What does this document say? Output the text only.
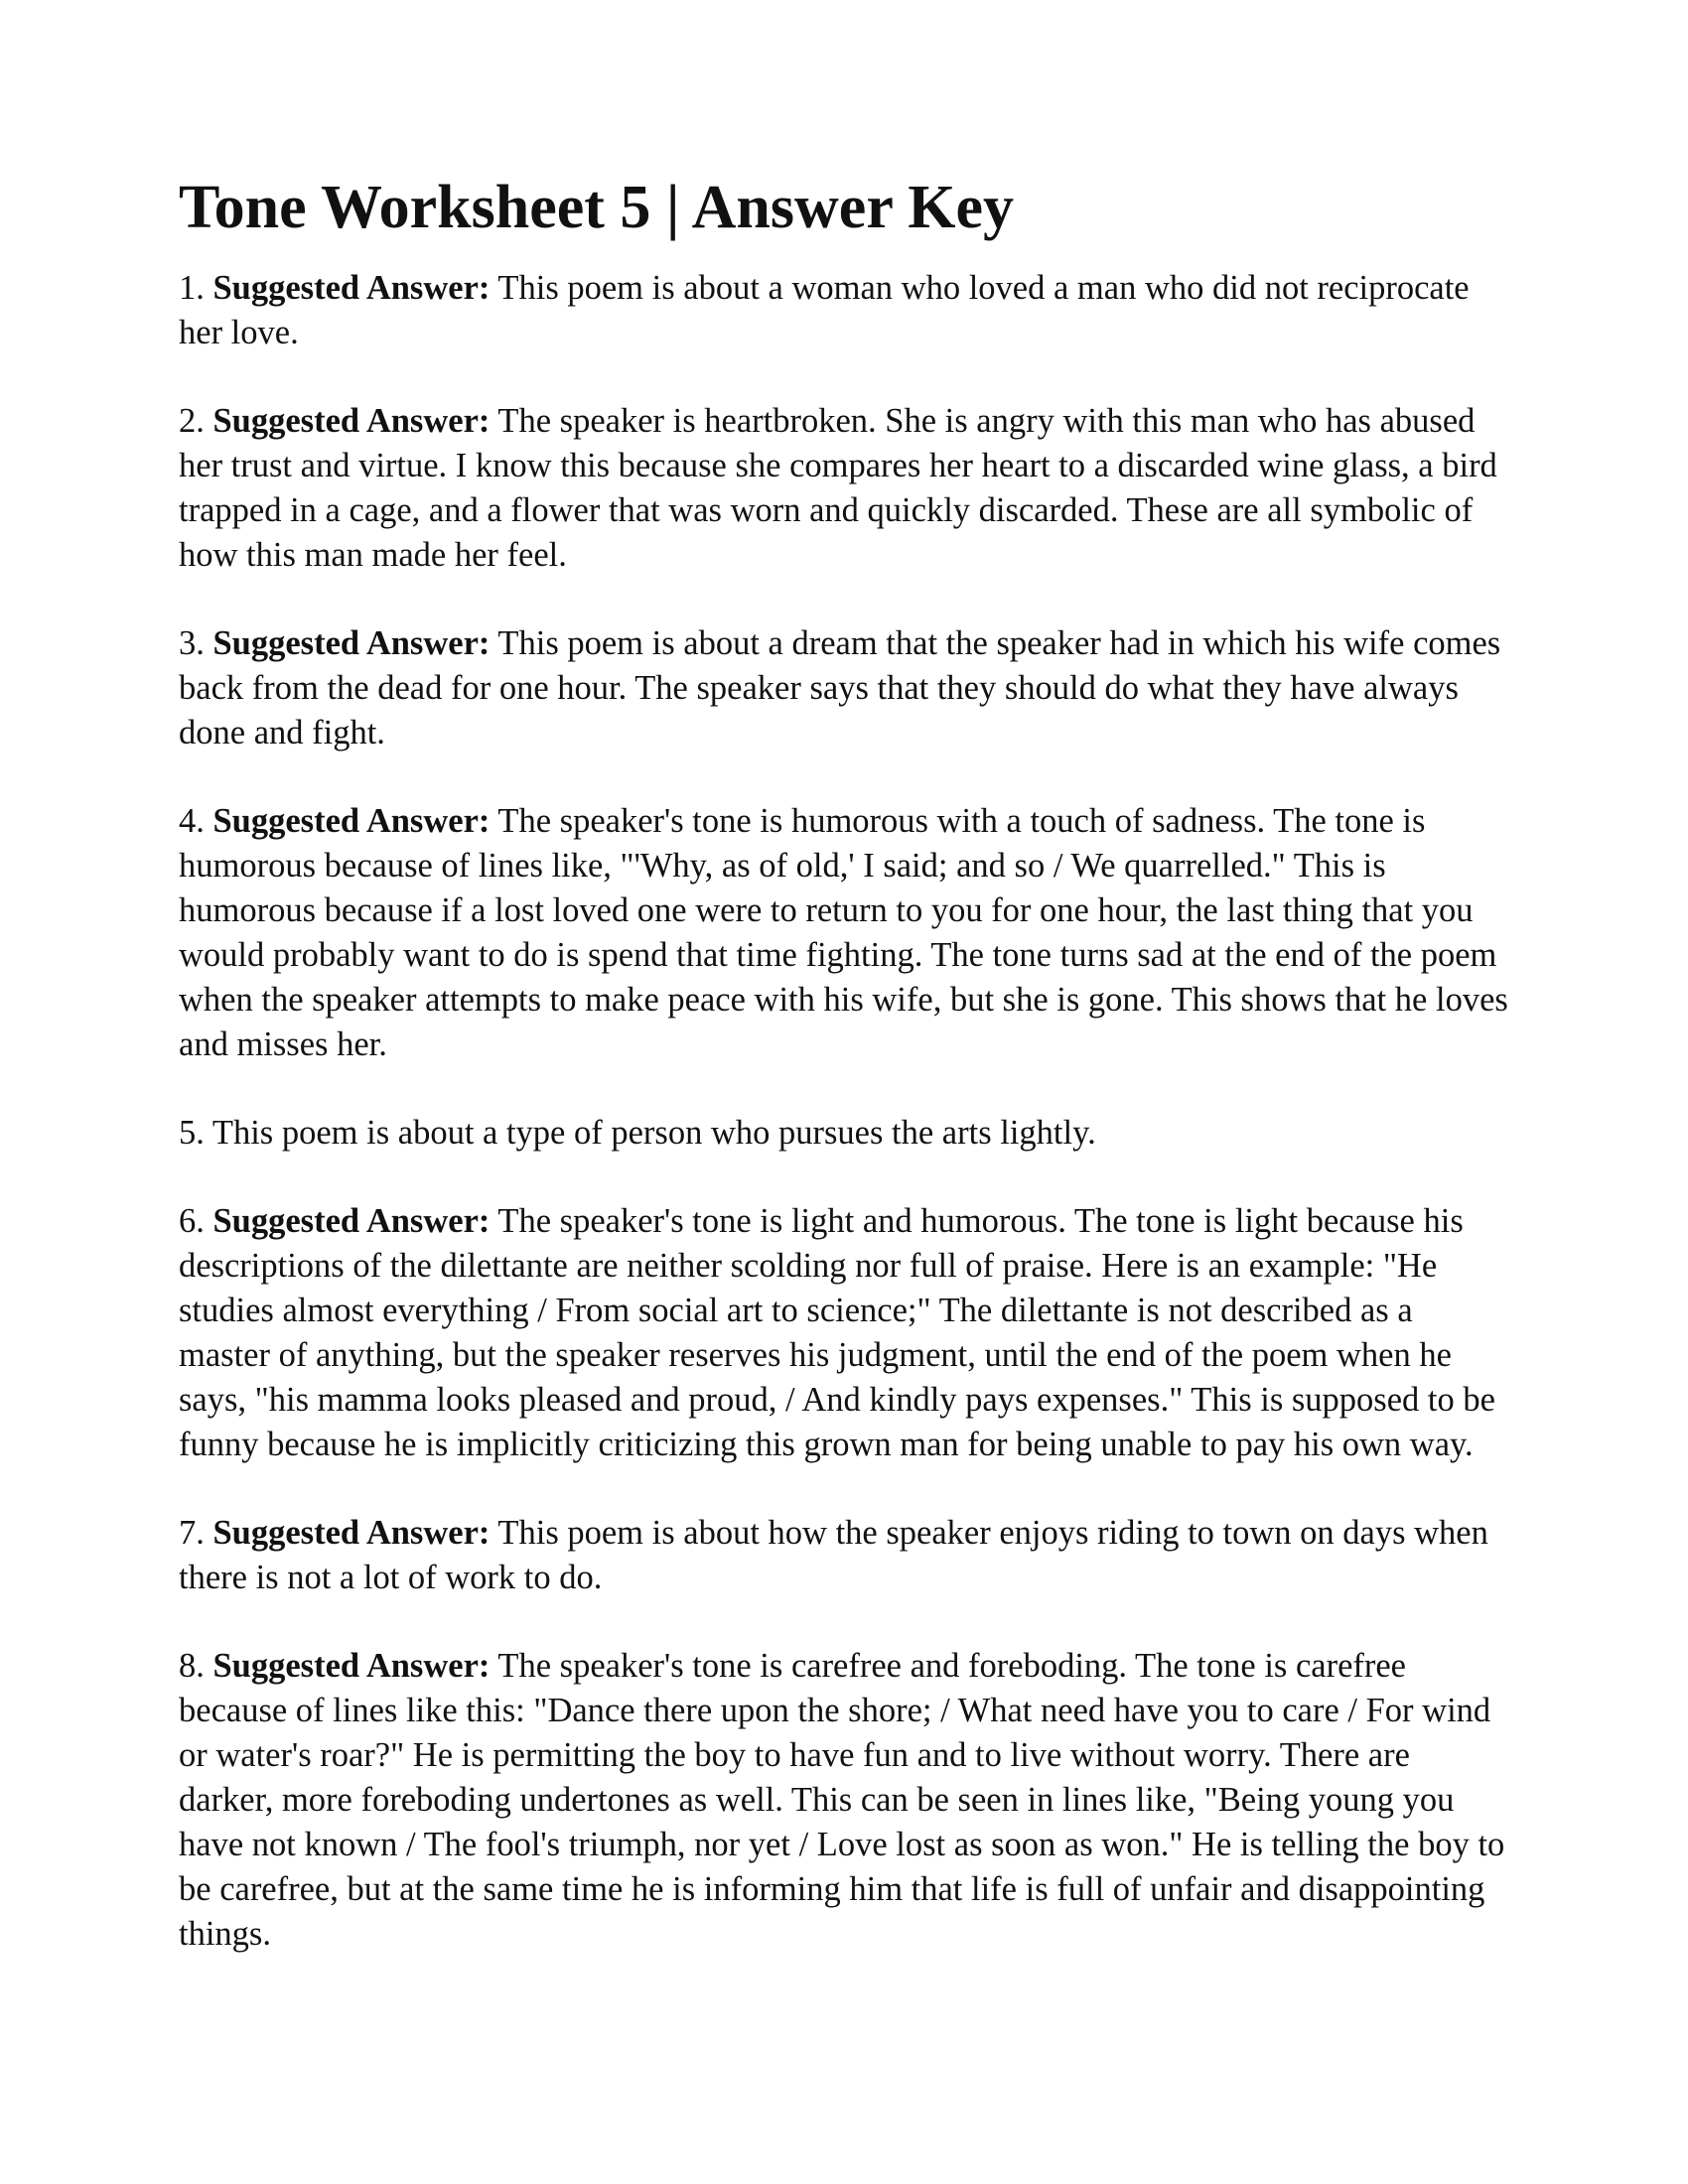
Tone Worksheet 5 | Answer Key

1. Suggested Answer: This poem is about a woman who loved a man who did not reciprocate her love.

2. Suggested Answer: The speaker is heartbroken. She is angry with this man who has abused her trust and virtue. I know this because she compares her heart to a discarded wine glass, a bird trapped in a cage, and a flower that was worn and quickly discarded. These are all symbolic of how this man made her feel.

3. Suggested Answer: This poem is about a dream that the speaker had in which his wife comes back from the dead for one hour. The speaker says that they should do what they have always done and fight.

4. Suggested Answer: The speaker's tone is humorous with a touch of sadness. The tone is humorous because of lines like, "'Why, as of old,' I said; and so / We quarrelled." This is humorous because if a lost loved one were to return to you for one hour, the last thing that you would probably want to do is spend that time fighting. The tone turns sad at the end of the poem when the speaker attempts to make peace with his wife, but she is gone. This shows that he loves and misses her.

5. This poem is about a type of person who pursues the arts lightly.

6. Suggested Answer: The speaker's tone is light and humorous. The tone is light because his descriptions of the dilettante are neither scolding nor full of praise. Here is an example: "He studies almost everything / From social art to science;" The dilettante is not described as a master of anything, but the speaker reserves his judgment, until the end of the poem when he says, "his mamma looks pleased and proud, / And kindly pays expenses." This is supposed to be funny because he is implicitly criticizing this grown man for being unable to pay his own way.

7. Suggested Answer: This poem is about how the speaker enjoys riding to town on days when there is not a lot of work to do.

8. Suggested Answer: The speaker's tone is carefree and foreboding. The tone is carefree because of lines like this: "Dance there upon the shore; / What need have you to care / For wind or water's roar?" He is permitting the boy to have fun and to live without worry. There are darker, more foreboding undertones as well. This can be seen in lines like, "Being young you have not known / The fool's triumph, nor yet / Love lost as soon as won." He is telling the boy to be carefree, but at the same time he is informing him that life is full of unfair and disappointing things.
